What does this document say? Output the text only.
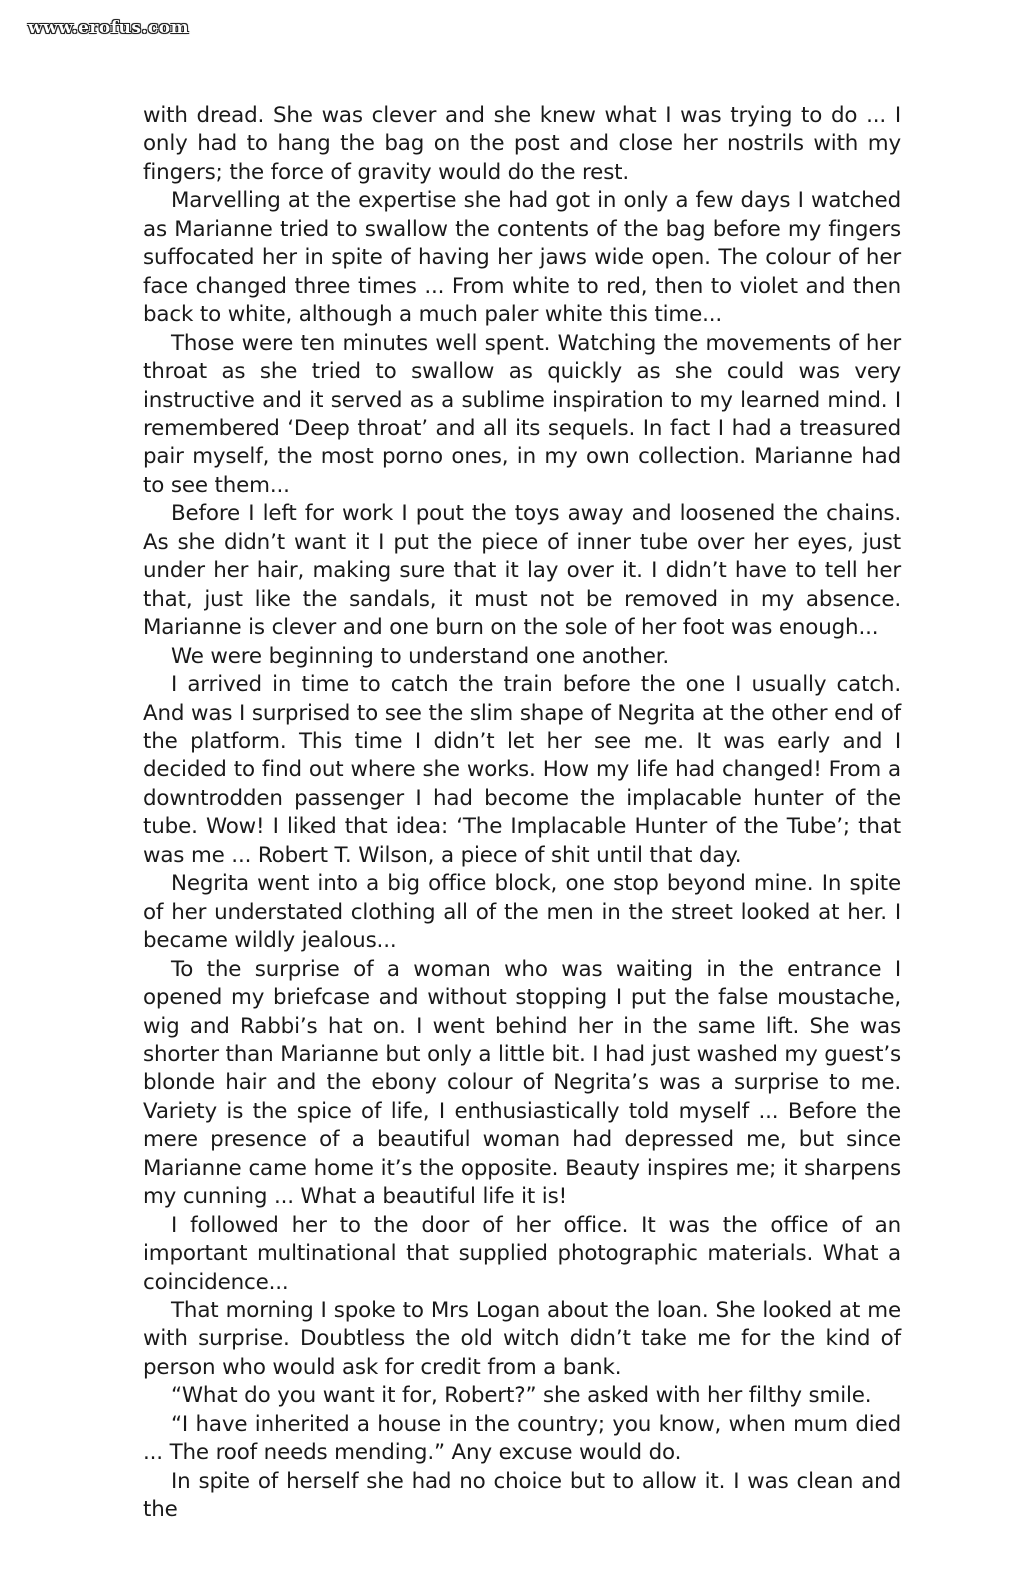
www.erofus.com

with dread. She was clever and she knew what I was trying to do ... I only had to hang the bag on the post and close her nostrils with my fingers; the force of gravity would do the rest.

Marvelling at the expertise she had got in only a few days I watched as Marianne tried to swallow the contents of the bag before my fingers suffocated her in spite of having her jaws wide open. The colour of her face changed three times ... From white to red, then to violet and then back to white, although a much paler white this time...

Those were ten minutes well spent. Watching the movements of her throat as she tried to swallow as quickly as she could was very instructive and it served as a sublime inspiration to my learned mind. I remembered ‘Deep throat’ and all its sequels. In fact I had a treasured pair myself, the most porno ones, in my own collection. Marianne had to see them...

Before I left for work I pout the toys away and loosened the chains. As she didn’t want it I put the piece of inner tube over her eyes, just under her hair, making sure that it lay over it. I didn’t have to tell her that, just like the sandals, it must not be removed in my absence. Marianne is clever and one burn on the sole of her foot was enough...

We were beginning to understand one another.

I arrived in time to catch the train before the one I usually catch. And was I surprised to see the slim shape of Negrita at the other end of the platform. This time I didn’t let her see me. It was early and I decided to find out where she works. How my life had changed! From a downtrodden passenger I had become the implacable hunter of the tube. Wow! I liked that idea: ‘The Implacable Hunter of the Tube’; that was me ... Robert T. Wilson, a piece of shit until that day.

Negrita went into a big office block, one stop beyond mine. In spite of her understated clothing all of the men in the street looked at her. I became wildly jealous...

To the surprise of a woman who was waiting in the entrance I opened my briefcase and without stopping I put the false moustache, wig and Rabbi’s hat on. I went behind her in the same lift. She was shorter than Marianne but only a little bit. I had just washed my guest’s blonde hair and the ebony colour of Negrita’s was a surprise to me. Variety is the spice of life, I enthusiastically told myself ... Before the mere presence of a beautiful woman had depressed me, but since Marianne came home it’s the opposite. Beauty inspires me; it sharpens my cunning ... What a beautiful life it is!

I followed her to the door of her office. It was the office of an important multinational that supplied photographic materials. What a coincidence...

That morning I spoke to Mrs Logan about the loan. She looked at me with surprise. Doubtless the old witch didn’t take me for the kind of person who would ask for credit from a bank.

“What do you want it for, Robert?” she asked with her filthy smile.

“I have inherited a house in the country; you know, when mum died ... The roof needs mending.” Any excuse would do.

In spite of herself she had no choice but to allow it. I was clean and the
